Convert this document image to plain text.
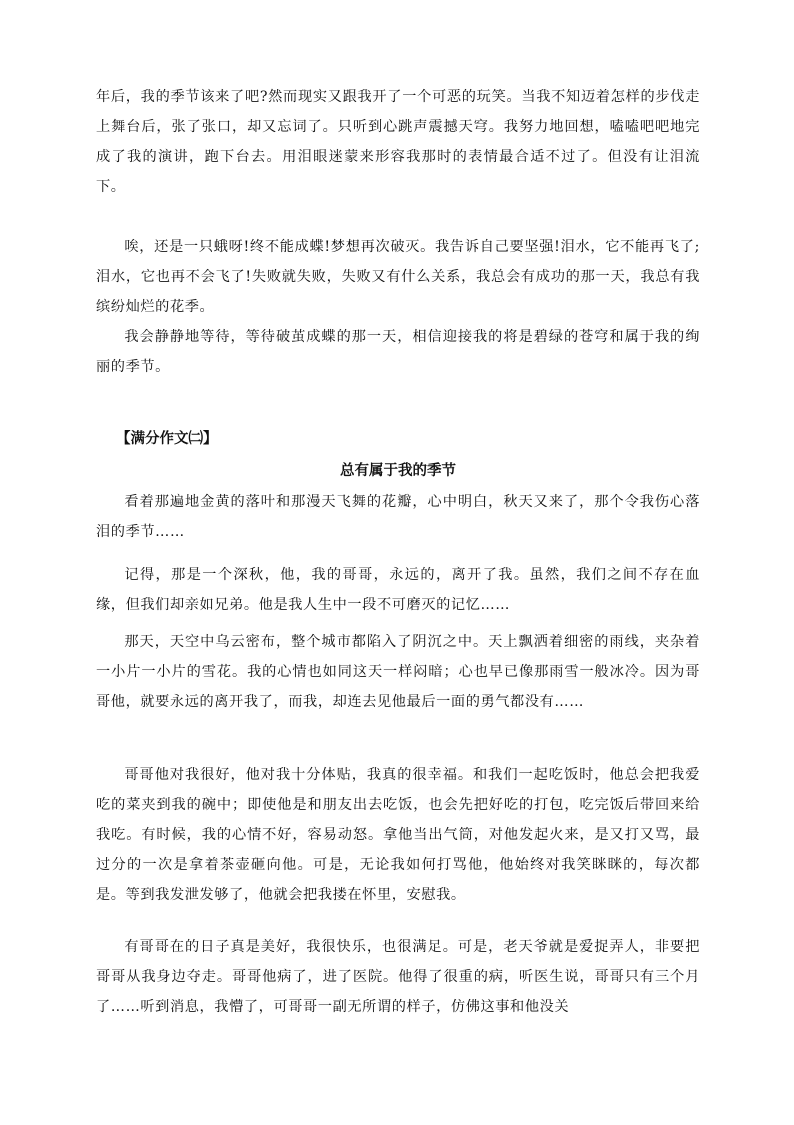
年后，我的季节该来了吧?然而现实又跟我开了一个可恶的玩笑。当我不知迈着怎样的步伐走上舞台后，张了张口，却又忘词了。只听到心跳声震撼天穹。我努力地回想，嗑嗑吧吧地完成了我的演讲，跑下台去。用泪眼迷蒙来形容我那时的表情最合适不过了。但没有让泪流下。

唉，还是一只蛾呀!终不能成蝶!梦想再次破灭。我告诉自己要坚强!泪水，它不能再飞了;泪水，它也再不会飞了!失败就失败，失败又有什么关系，我总会有成功的那一天，我总有我缤纷灿烂的花季。

我会静静地等待，等待破茧成蝶的那一天，相信迎接我的将是碧绿的苍穹和属于我的绚丽的季节。

【满分作文㈡】

总有属于我的季节

看着那遍地金黄的落叶和那漫天飞舞的花瓣，心中明白，秋天又来了，那个令我伤心落泪的季节……

记得，那是一个深秋，他，我的哥哥，永远的，离开了我。虽然，我们之间不存在血缘，但我们却亲如兄弟。他是我人生中一段不可磨灭的记忆……

那天，天空中乌云密布，整个城市都陷入了阴沉之中。天上飘洒着细密的雨线，夹杂着一小片一小片的雪花。我的心情也如同这天一样闷暗；心也早已像那雨雪一般冰冷。因为哥哥他，就要永远的离开我了，而我，却连去见他最后一面的勇气都没有……

哥哥他对我很好，他对我十分体贴，我真的很幸福。和我们一起吃饭时，他总会把我爱吃的菜夹到我的碗中；即使他是和朋友出去吃饭，也会先把好吃的打包，吃完饭后带回来给我吃。有时候，我的心情不好，容易动怒。拿他当出气筒，对他发起火来，是又打又骂，最过分的一次是拿着茶壶砸向他。可是，无论我如何打骂他，他始终对我笑眯眯的，每次都是。等到我发泄发够了，他就会把我搂在怀里，安慰我。

有哥哥在的日子真是美好，我很快乐，也很满足。可是，老天爷就是爱捉弄人，非要把哥哥从我身边夺走。哥哥他病了，进了医院。他得了很重的病，听医生说，哥哥只有三个月了……听到消息，我懵了，可哥哥一副无所谓的样子，仿佛这事和他没关
